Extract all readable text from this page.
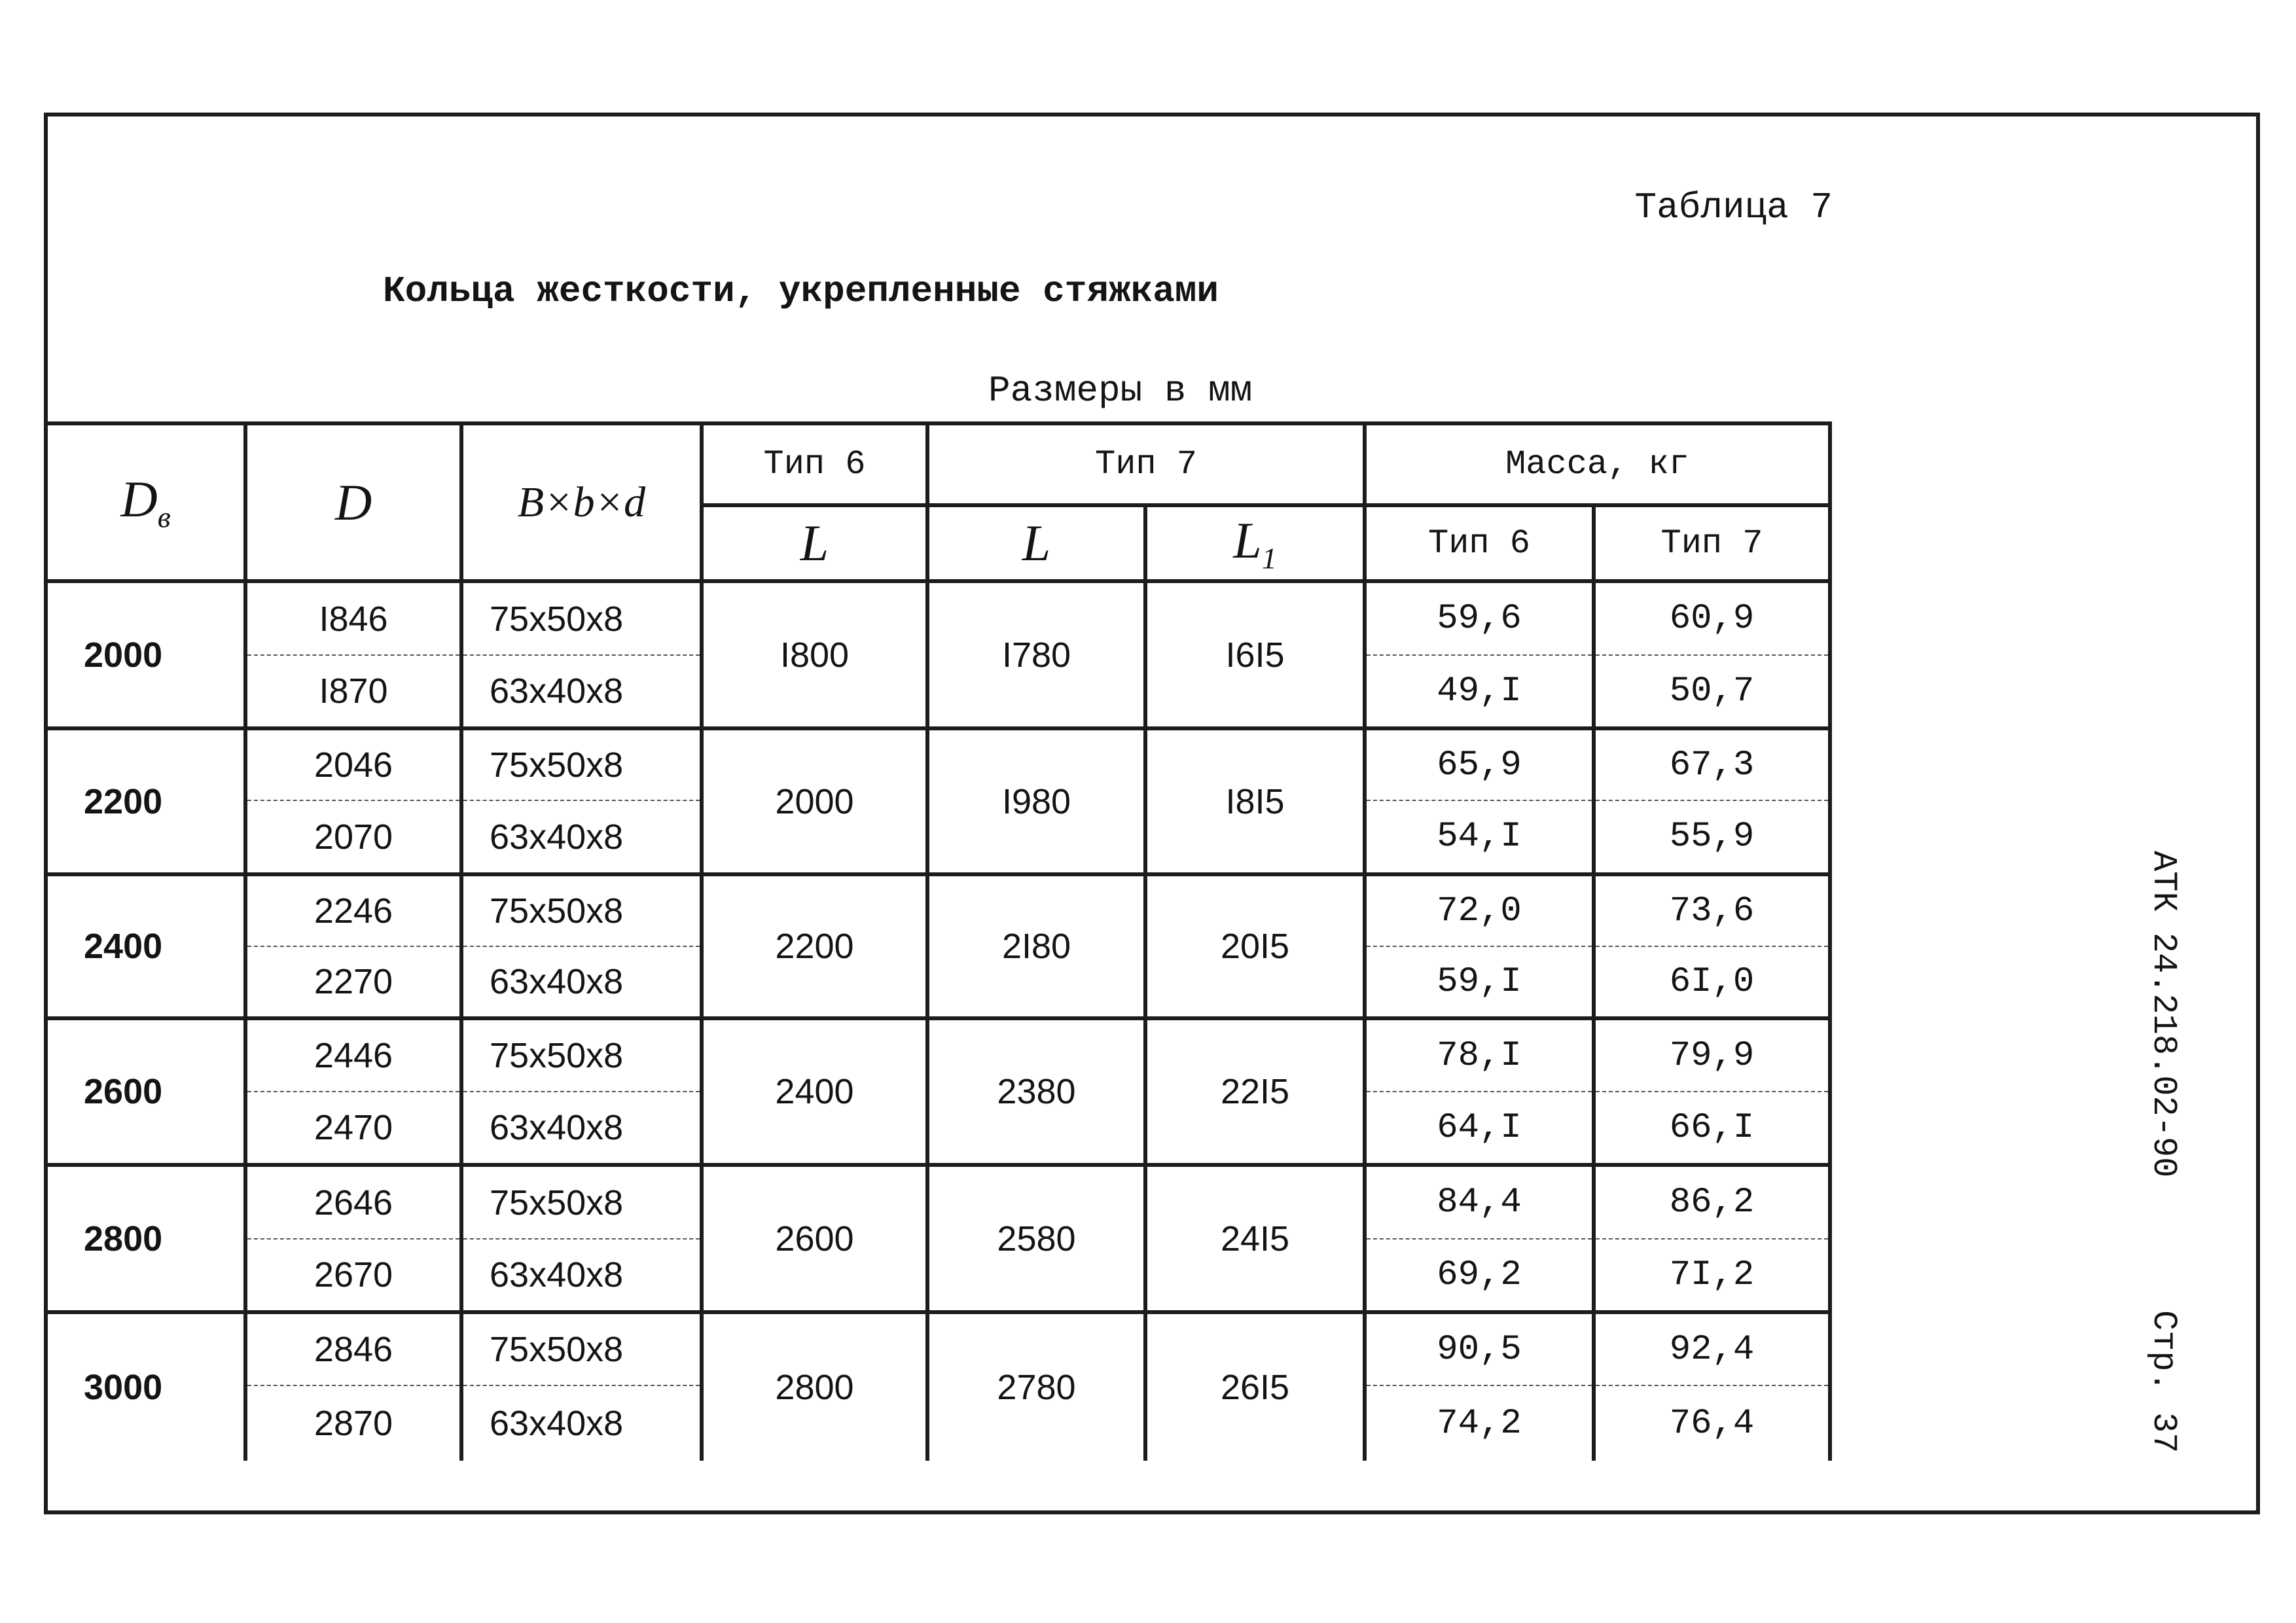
Таблица 7
Кольца жесткости, укрепленные стяжками
Размеры в мм
АТК 24.218.02-90
Стр. 37
$D_в$	D	B×b×d	Тип 6	Тип 7		Масса, кг	
			L	L	$L_1$	Тип 6	Тип 7
2000	I846	75x50x8	I800	I780	I6I5	59,6	60,9
	I870	63x40x8				49,I	50,7
2200	2046	75x50x8	2000	I980	I8I5	65,9	67,3
	2070	63x40x8				54,I	55,9
2400	2246	75x50x8	2200	2I80	20I5	72,0	73,6
	2270	63x40x8				59,I	6I,0
2600	2446	75x50x8	2400	2380	22I5	78,I	79,9
	2470	63x40x8				64,I	66,I
2800	2646	75x50x8	2600	2580	24I5	84,4	86,2
	2670	63x40x8				69,2	7I,2
3000	2846	75x50x8	2800	2780	26I5	90,5	92,4
	2870	63x40x8				74,2	76,4
